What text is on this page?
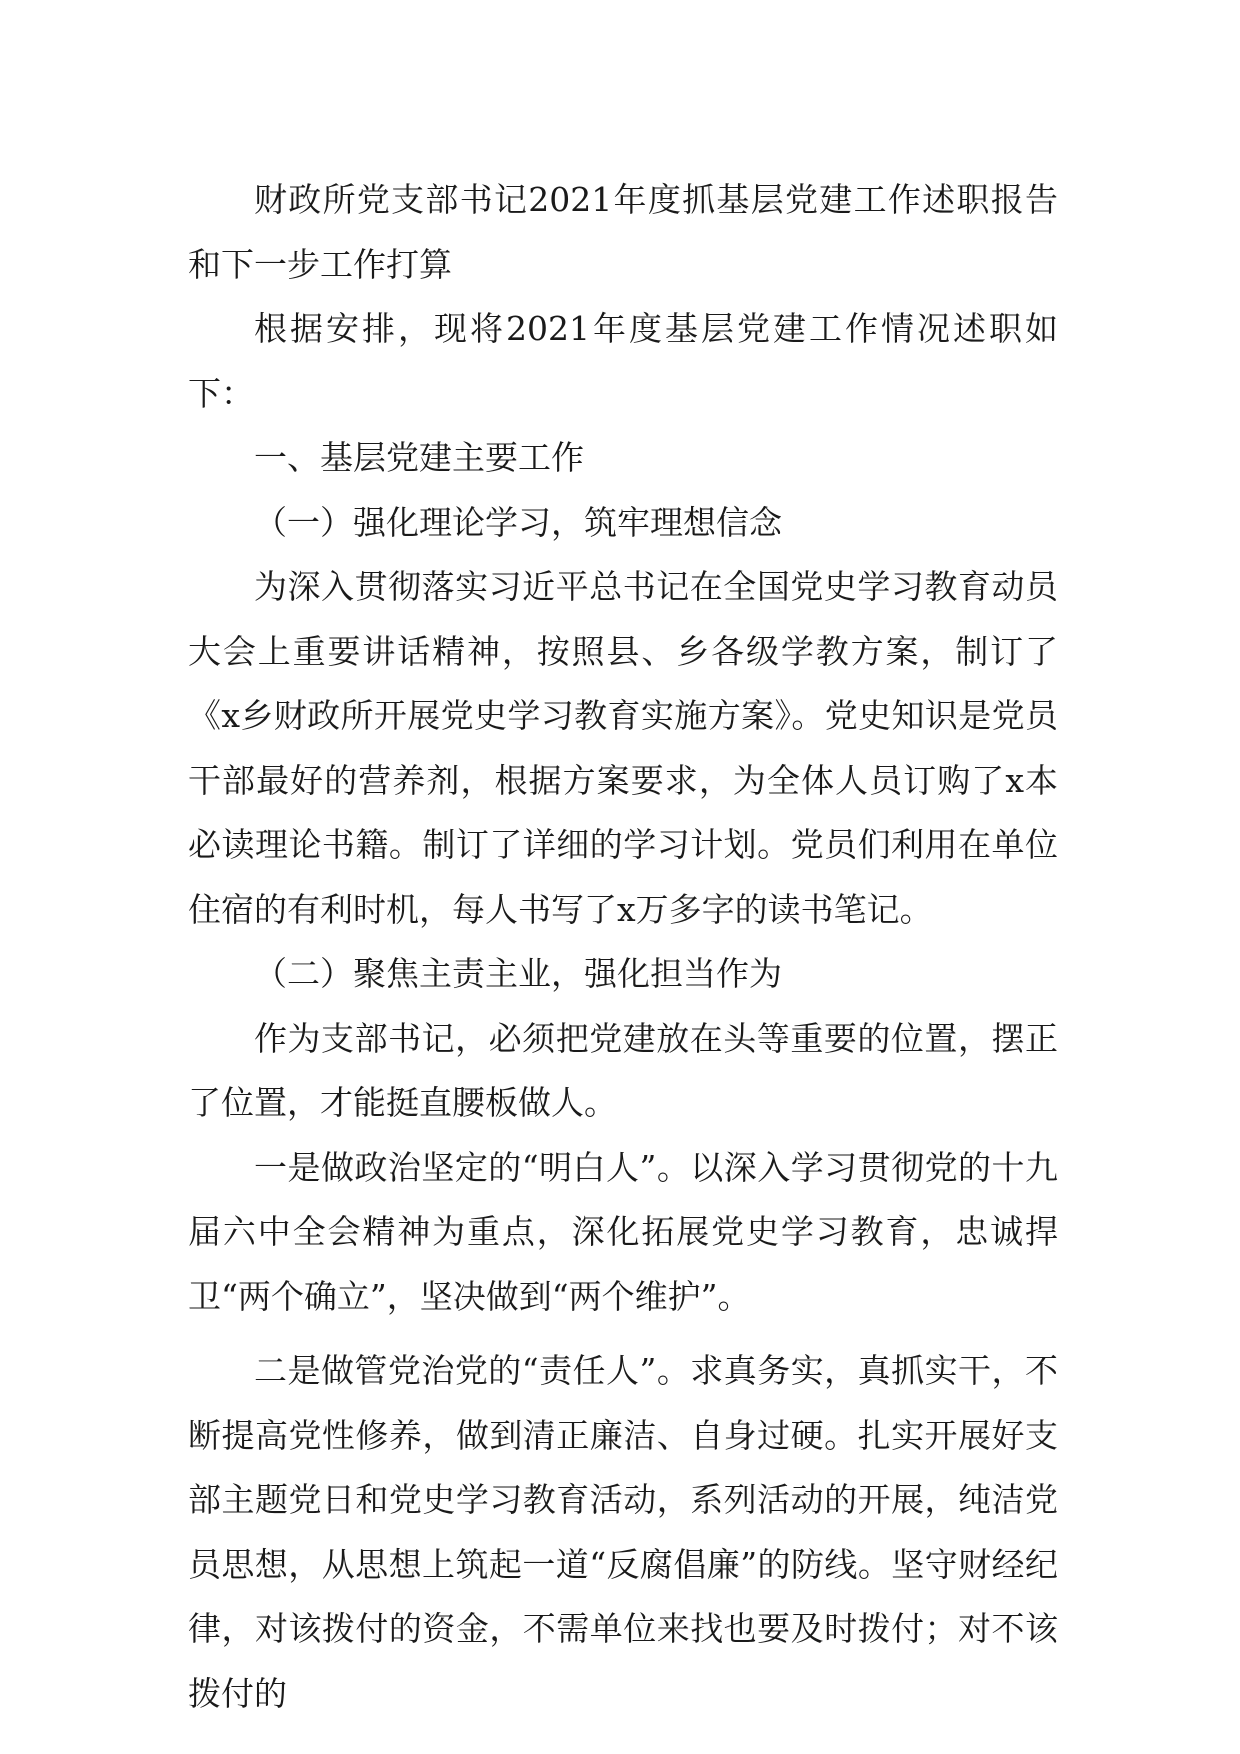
财政所党支部书记2021年度抓基层党建工作述职报告和下一步工作打算

根据安排，现将2021年度基层党建工作情况述职如下：

一、基层党建主要工作

（一）强化理论学习，筑牢理想信念

为深入贯彻落实习近平总书记在全国党史学习教育动员大会上重要讲话精神，按照县、乡各级学教方案，制订了《x乡财政所开展党史学习教育实施方案》。党史知识是党员干部最好的营养剂，根据方案要求，为全体人员订购了x本必读理论书籍。制订了详细的学习计划。党员们利用在单位住宿的有利时机，每人书写了x万多字的读书笔记。

（二）聚焦主责主业，强化担当作为

作为支部书记，必须把党建放在头等重要的位置，摆正了位置，才能挺直腰板做人。

一是做政治坚定的“明白人”。以深入学习贯彻党的十九届六中全会精神为重点，深化拓展党史学习教育，忠诚捍卫“两个确立”，坚决做到“两个维护”。

二是做管党治党的“责任人”。求真务实，真抓实干，不断提高党性修养，做到清正廉洁、自身过硬。扎实开展好支部主题党日和党史学习教育活动，系列活动的开展，纯洁党员思想，从思想上筑起一道“反腐倡廉”的防线。坚守财经纪律，对该拨付的资金，不需单位来找也要及时拨付；对不该拨付的
